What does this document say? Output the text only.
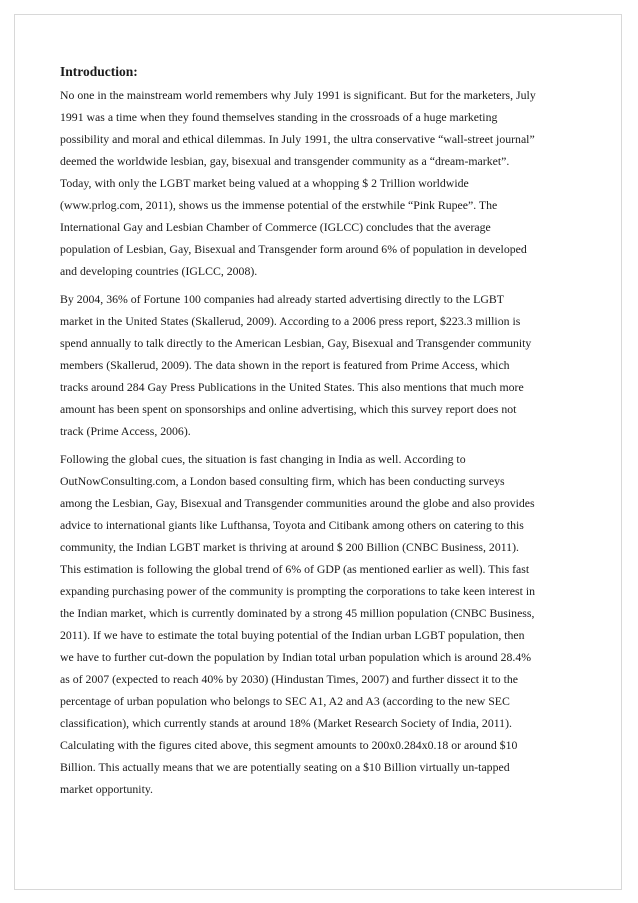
Introduction:
No one in the mainstream world remembers why July 1991 is significant. But for the marketers, July
1991 was a time when they found themselves standing in the crossroads of a huge marketing
possibility and moral and ethical dilemmas. In July 1991, the ultra conservative “wall-street journal”
deemed the worldwide lesbian, gay, bisexual and transgender community as a “dream-market”.
Today, with only the LGBT market being valued at a whopping $ 2 Trillion worldwide
(www.prlog.com, 2011), shows us the immense potential of the erstwhile “Pink Rupee”. The
International Gay and Lesbian Chamber of Commerce (IGLCC) concludes that the average
population of Lesbian, Gay, Bisexual and Transgender form around 6% of population in developed
and developing countries (IGLCC, 2008).
By 2004, 36% of Fortune 100 companies had already started advertising directly to the LGBT
market in the United States (Skallerud, 2009). According to a 2006 press report, $223.3 million is
spend annually to talk directly to the American Lesbian, Gay, Bisexual and Transgender community
members (Skallerud, 2009). The data shown in the report is featured from Prime Access, which
tracks around 284 Gay Press Publications in the United States. This also mentions that much more
amount has been spent on sponsorships and online advertising, which this survey report does not
track (Prime Access, 2006).
Following the global cues, the situation is fast changing in India as well. According to
OutNowConsulting.com, a London based consulting firm, which has been conducting surveys
among the Lesbian, Gay, Bisexual and Transgender communities around the globe and also provides
advice to international giants like Lufthansa, Toyota and Citibank among others on catering to this
community, the Indian LGBT market is thriving at around $ 200 Billion (CNBC Business, 2011).
This estimation is following the global trend of 6% of GDP (as mentioned earlier as well). This fast
expanding purchasing power of the community is prompting the corporations to take keen interest in
the Indian market, which is currently dominated by a strong 45 million population (CNBC Business,
2011). If we have to estimate the total buying potential of the Indian urban LGBT population, then
we have to further cut-down the population by Indian total urban population which is around 28.4%
as of 2007 (expected to reach 40% by 2030) (Hindustan Times, 2007) and further dissect it to the
percentage of urban population who belongs to SEC A1, A2 and A3 (according to the new SEC
classification), which currently stands at around 18% (Market Research Society of India, 2011).
Calculating with the figures cited above, this segment amounts to 200x0.284x0.18 or around $10
Billion. This actually means that we are potentially seating on a $10 Billion virtually un-tapped
market opportunity.
